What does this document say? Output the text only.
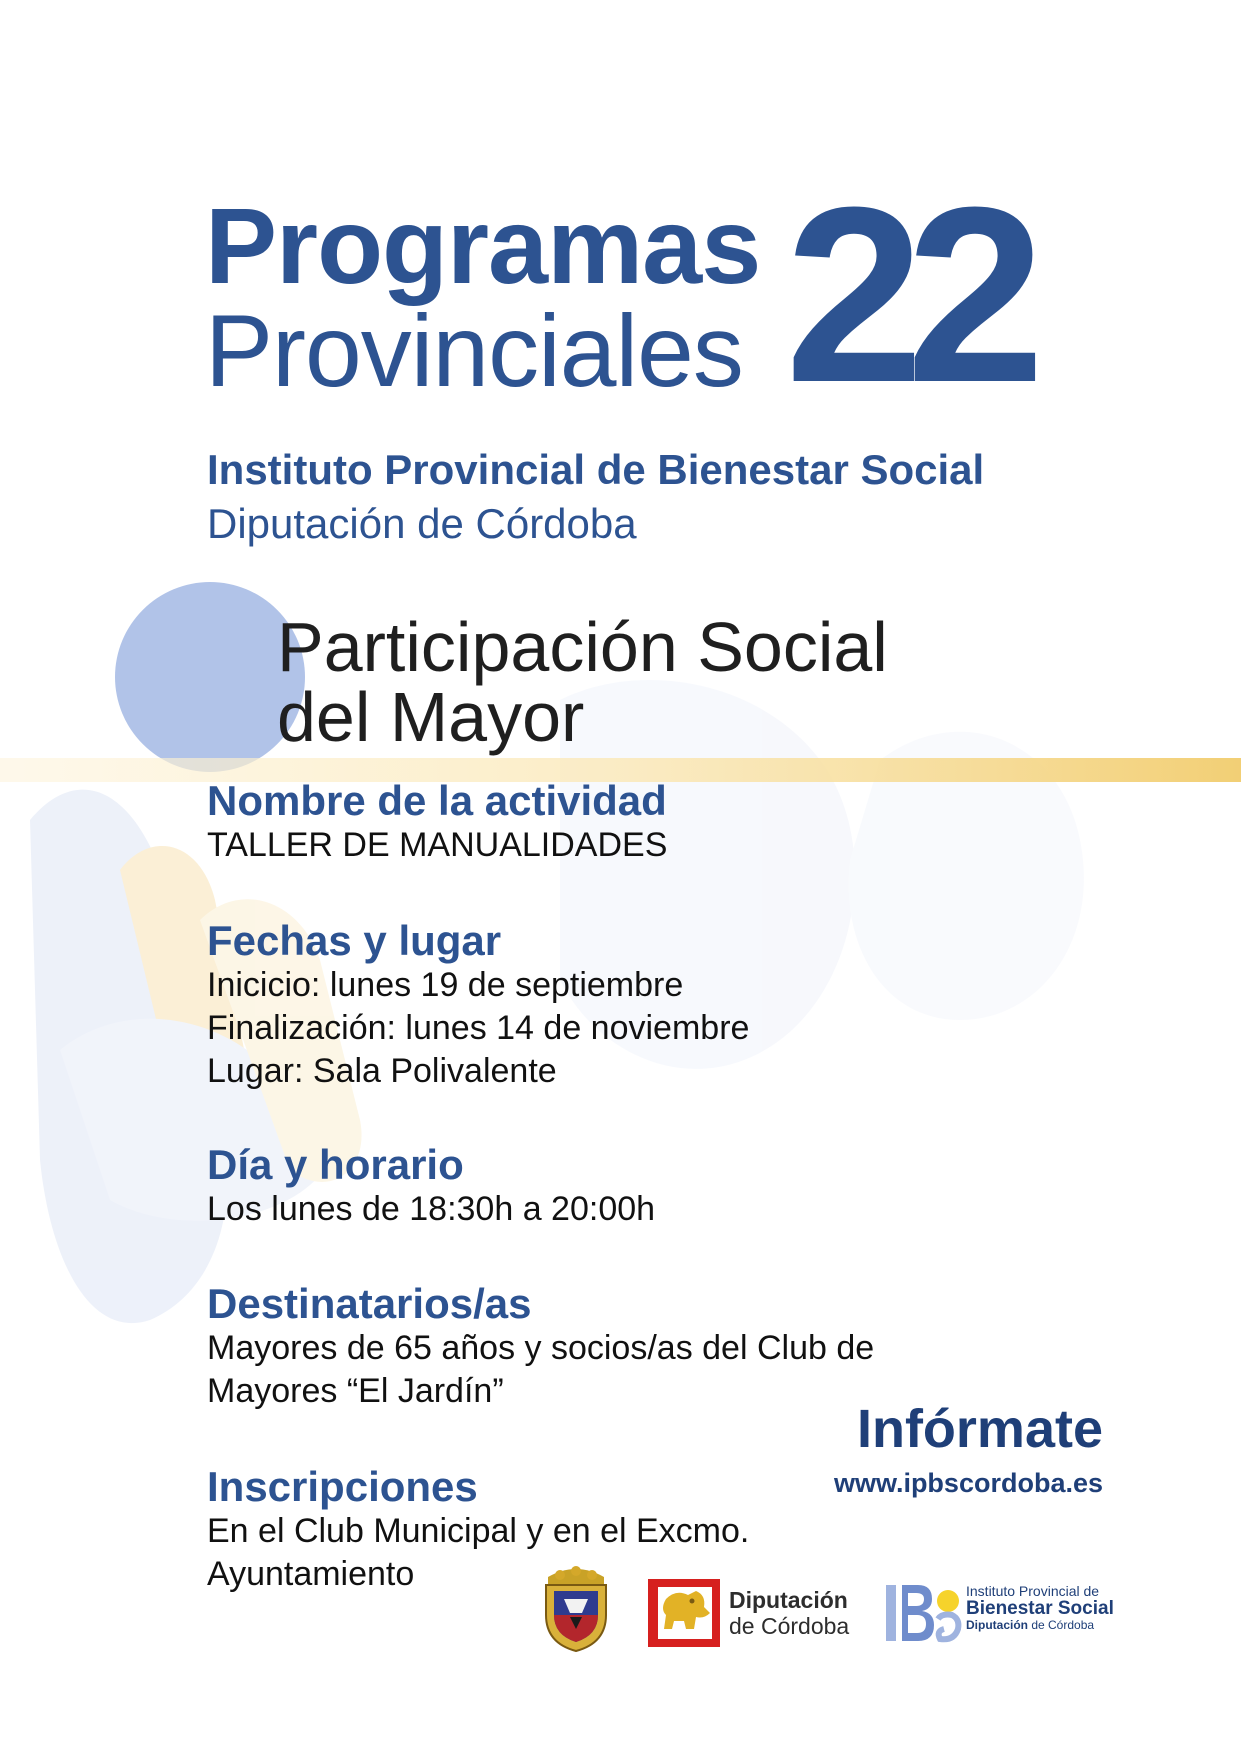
Programas
Provinciales 22

Instituto Provincial de Bienestar Social

Diputación de Córdoba

Participación Social
del Mayor
Nombre de la actividad

TALLER DE MANUALIDADES

Fechas y lugar

Inicicio: lunes 19 de septiembre

Finalización: lunes 14 de noviembre

Lugar: Sala Polivalente

Día y horario

Los lunes de 18:30h a 20:00h

Destinatarios/as

Mayores de 65 años y socios/as del Club de

Mayores “El Jardín”

Inscripciones

En el Club Municipal y en el Excmo.

Ayuntamiento

Infórmate

www.ipbscordoba.es

Diputación
de Córdoba
Instituto Provincial de
Bienestar Social
Diputación de Córdoba
